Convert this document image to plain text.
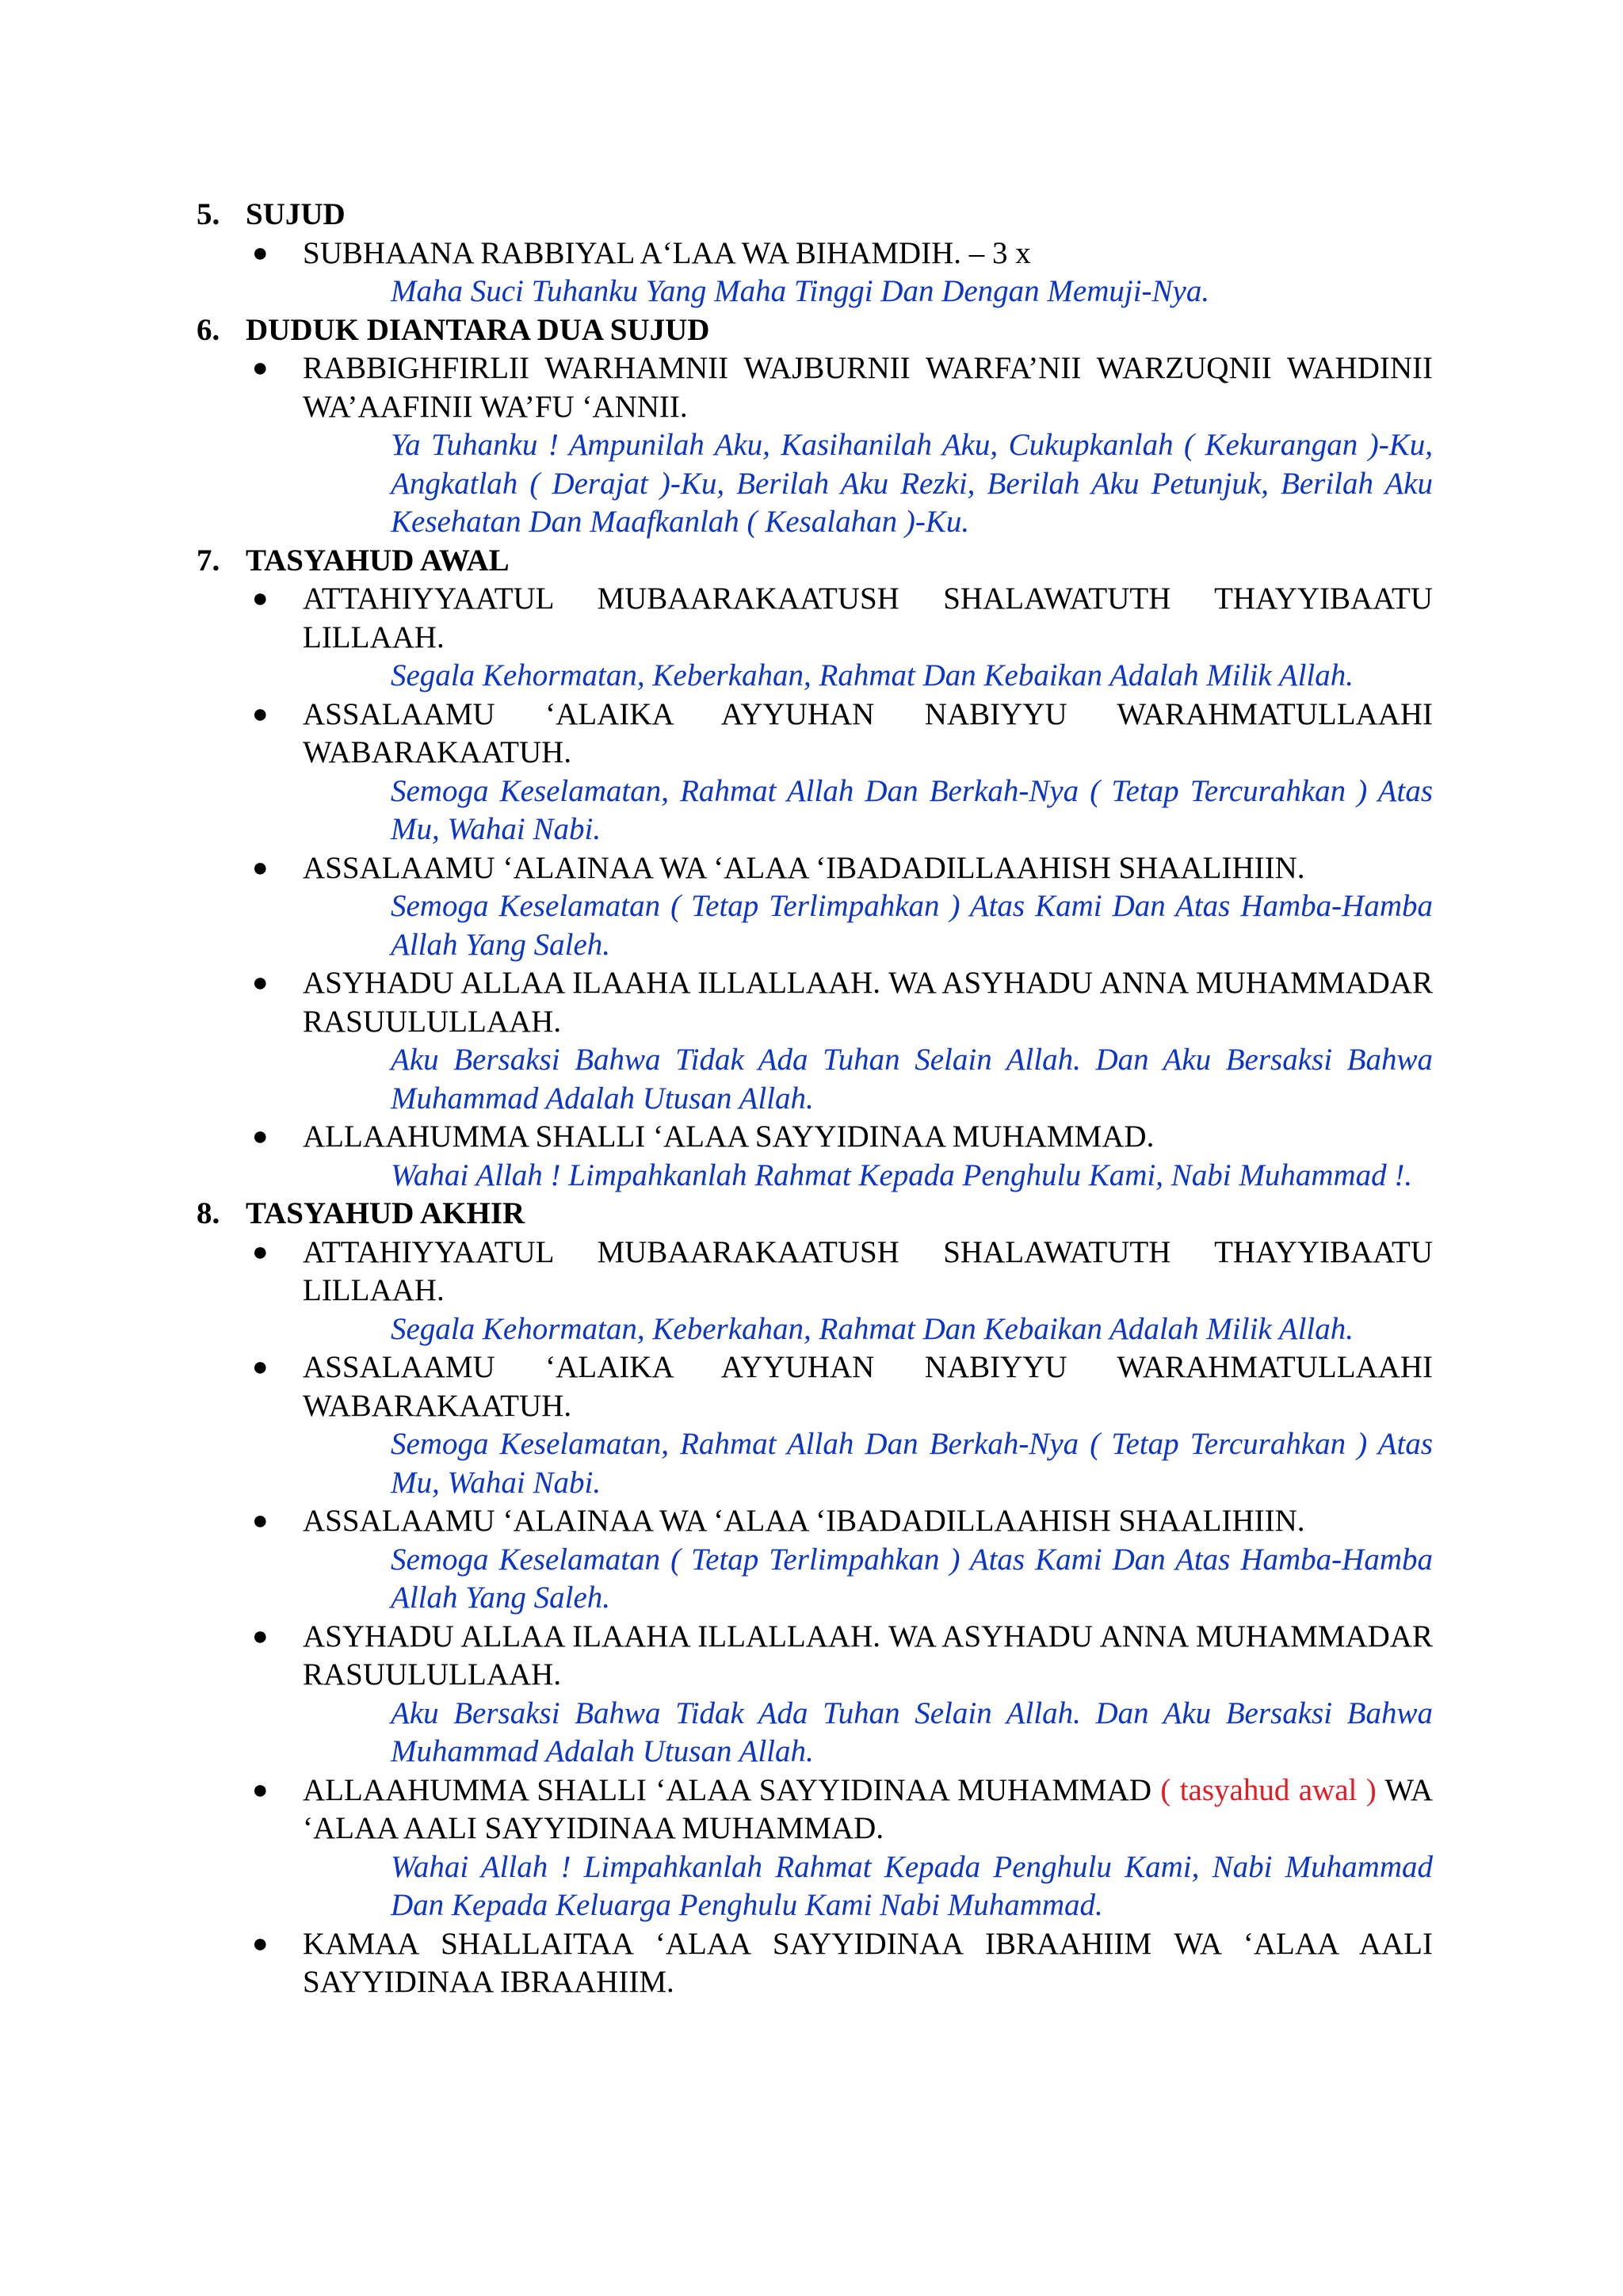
5. SUJUD
●	SUBHAANA RABBIYAL A‘LAA WA BIHAMDIH. – 3 x
Maha Suci Tuhanku Yang Maha Tinggi Dan Dengan Memuji-Nya.
6. DUDUK DIANTARA DUA SUJUD
●	RABBIGHFIRLII WARHAMNII WAJBURNII WARFA’NII WARZUQNII WAHDINII WA’AAFINII WA’FU ‘ANNII.
Ya Tuhanku ! Ampunilah Aku, Kasihanilah Aku, Cukupkanlah ( Kekurangan )-Ku, Angkatlah ( Derajat )-Ku, Berilah Aku Rezki, Berilah Aku Petunjuk, Berilah Aku Kesehatan Dan Maafkanlah ( Kesalahan )-Ku.
7. TASYAHUD AWAL
●	ATTAHIYYAATUL MUBAARAKAATUSH SHALAWATUTH THAYYIBAATU LILLAAH.
Segala Kehormatan, Keberkahan, Rahmat Dan Kebaikan Adalah Milik Allah.
●	ASSALAAMU ‘ALAIKA AYYUHAN NABIYYU WARAHMATULLAAHI WABARAKAATUH.
Semoga Keselamatan, Rahmat Allah Dan Berkah-Nya ( Tetap Tercurahkan ) Atas Mu, Wahai Nabi.
●	ASSALAAMU ‘ALAINAA WA ‘ALAA ‘IBADADILLAAHISH SHAALIHIIN.
Semoga Keselamatan ( Tetap Terlimpahkan ) Atas Kami Dan Atas Hamba-Hamba Allah Yang Saleh.
●	ASYHADU ALLAA ILAAHA ILLALLAAH. WA ASYHADU ANNA MUHAMMADAR RASUULULLAAH.
Aku Bersaksi Bahwa Tidak Ada Tuhan Selain Allah. Dan Aku Bersaksi Bahwa Muhammad Adalah Utusan Allah.
●	ALLAAHUMMA SHALLI ‘ALAA SAYYIDINAA MUHAMMAD.
Wahai Allah ! Limpahkanlah Rahmat Kepada Penghulu Kami, Nabi Muhammad !.
8. TASYAHUD AKHIR
●	ATTAHIYYAATUL MUBAARAKAATUSH SHALAWATUTH THAYYIBAATU LILLAAH.
Segala Kehormatan, Keberkahan, Rahmat Dan Kebaikan Adalah Milik Allah.
●	ASSALAAMU ‘ALAIKA AYYUHAN NABIYYU WARAHMATULLAAHI WABARAKAATUH.
Semoga Keselamatan, Rahmat Allah Dan Berkah-Nya ( Tetap Tercurahkan ) Atas Mu, Wahai Nabi.
●	ASSALAAMU ‘ALAINAA WA ‘ALAA ‘IBADADILLAAHISH SHAALIHIIN.
Semoga Keselamatan ( Tetap Terlimpahkan ) Atas Kami Dan Atas Hamba-Hamba Allah Yang Saleh.
●	ASYHADU ALLAA ILAAHA ILLALLAAH. WA ASYHADU ANNA MUHAMMADAR RASUULULLAAH.
Aku Bersaksi Bahwa Tidak Ada Tuhan Selain Allah. Dan Aku Bersaksi Bahwa Muhammad Adalah Utusan Allah.
●	ALLAAHUMMA SHALLI ‘ALAA SAYYIDINAA MUHAMMAD ( tasyahud awal ) WA ‘ALAA AALI SAYYIDINAA MUHAMMAD.
Wahai Allah ! Limpahkanlah Rahmat Kepada Penghulu Kami, Nabi Muhammad Dan Kepada Keluarga Penghulu Kami Nabi Muhammad.
●	KAMAA SHALLAITAA ‘ALAA SAYYIDINAA IBRAAHIIM WA ‘ALAA AALI SAYYIDINAA IBRAAHIIM.
